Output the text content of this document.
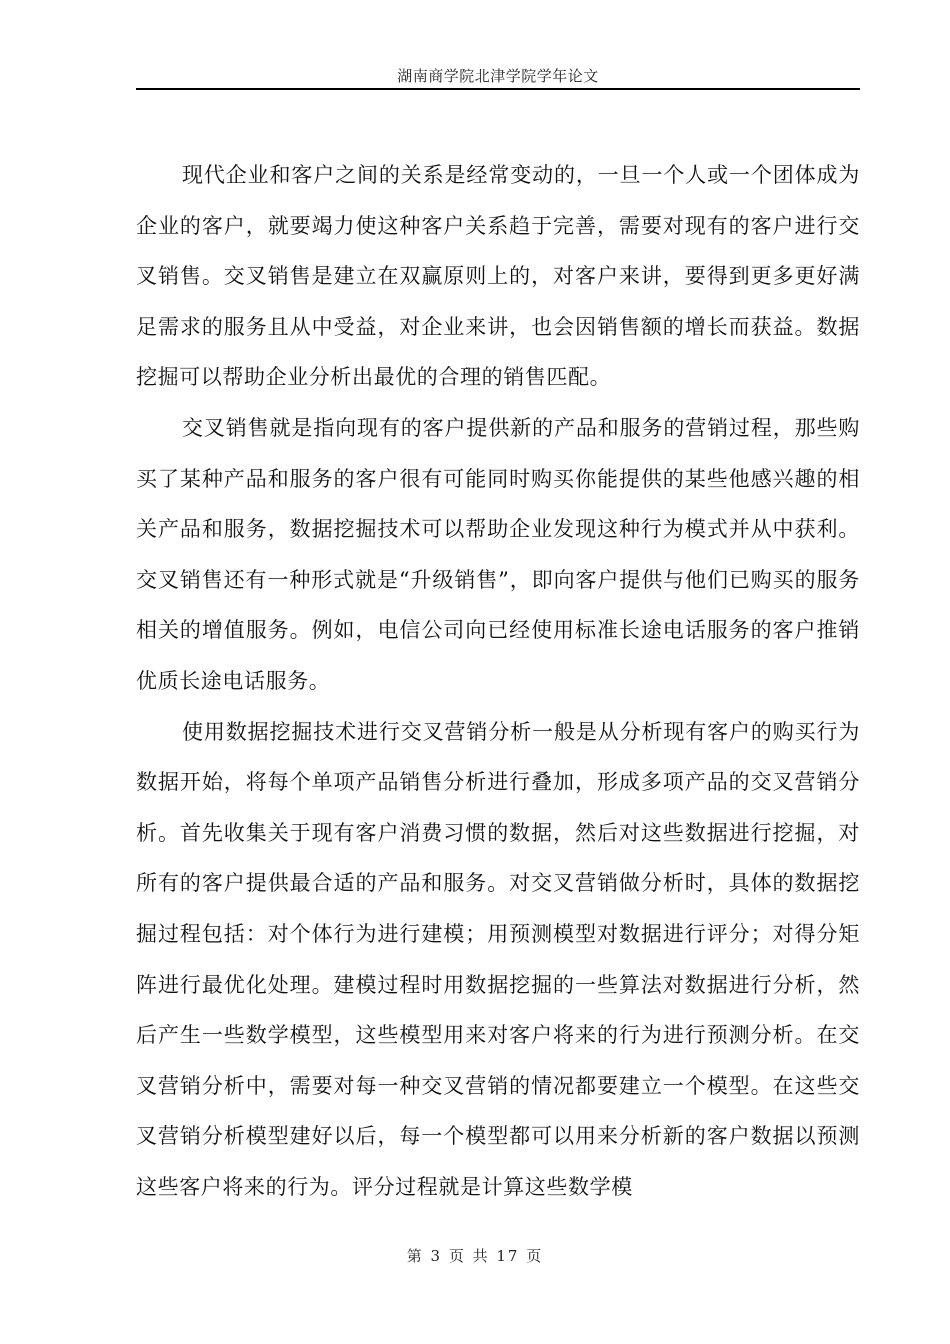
湖南商学院北津学院学年论文

现代企业和客户之间的关系是经常变动的，一旦一个人或一个团体成为企业的客户，就要竭力使这种客户关系趋于完善，需要对现有的客户进行交叉销售。交叉销售是建立在双赢原则上的，对客户来讲，要得到更多更好满足需求的服务且从中受益，对企业来讲，也会因销售额的增长而获益。数据挖掘可以帮助企业分析出最优的合理的销售匹配。

交叉销售就是指向现有的客户提供新的产品和服务的营销过程，那些购买了某种产品和服务的客户很有可能同时购买你能提供的某些他感兴趣的相关产品和服务，数据挖掘技术可以帮助企业发现这种行为模式并从中获利。交叉销售还有一种形式就是“升级销售”，即向客户提供与他们已购买的服务相关的增值服务。例如，电信公司向已经使用标准长途电话服务的客户推销优质长途电话服务。

使用数据挖掘技术进行交叉营销分析一般是从分析现有客户的购买行为数据开始，将每个单项产品销售分析进行叠加，形成多项产品的交叉营销分析。首先收集关于现有客户消费习惯的数据，然后对这些数据进行挖掘，对所有的客户提供最合适的产品和服务。对交叉营销做分析时，具体的数据挖掘过程包括：对个体行为进行建模；用预测模型对数据进行评分；对得分矩阵进行最优化处理。建模过程时用数据挖掘的一些算法对数据进行分析，然后产生一些数学模型，这些模型用来对客户将来的行为进行预测分析。在交叉营销分析中，需要对每一种交叉营销的情况都要建立一个模型。在这些交叉营销分析模型建好以后，每一个模型都可以用来分析新的客户数据以预测这些客户将来的行为。评分过程就是计算这些数学模

第 3 页 共 17 页
